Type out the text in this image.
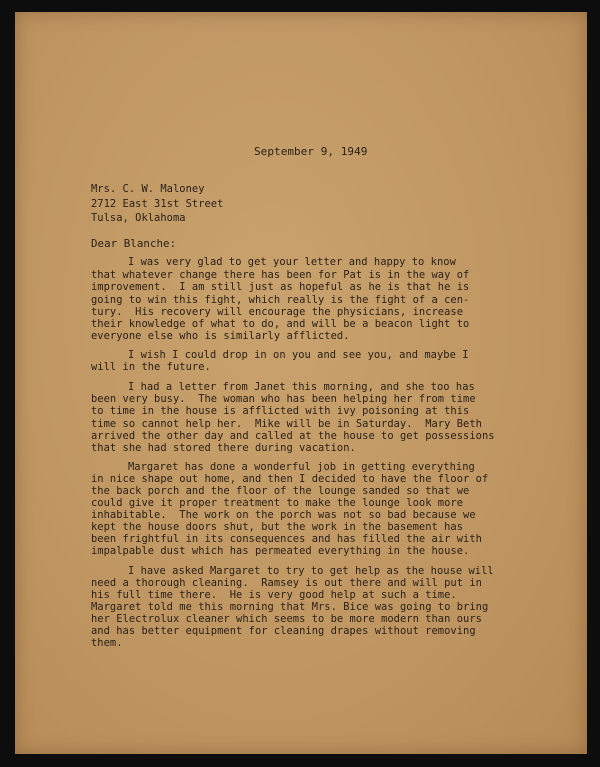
September 9, 1949
Mrs. C. W. Maloney
2712 East 31st Street
Tulsa, Oklahoma
Dear Blanche:
I was very glad to get your letter and happy to know
that whatever change there has been for Pat is in the way of
improvement.  I am still just as hopeful as he is that he is
going to win this fight, which really is the fight of a cen-
tury.  His recovery will encourage the physicians, increase
their knowledge of what to do, and will be a beacon light to
everyone else who is similarly afflicted.
I wish I could drop in on you and see you, and maybe I
will in the future.
I had a letter from Janet this morning, and she too has
been very busy.  The woman who has been helping her from time
to time in the house is afflicted with ivy poisoning at this
time so cannot help her.  Mike will be in Saturday.  Mary Beth
arrived the other day and called at the house to get possessions
that she had stored there during vacation.
Margaret has done a wonderful job in getting everything
in nice shape out home, and then I decided to have the floor of
the back porch and the floor of the lounge sanded so that we
could give it proper treatment to make the lounge look more
inhabitable.  The work on the porch was not so bad because we
kept the house doors shut, but the work in the basement has
been frightful in its consequences and has filled the air with
impalpable dust which has permeated everything in the house.
I have asked Margaret to try to get help as the house will
need a thorough cleaning.  Ramsey is out there and will put in
his full time there.  He is very good help at such a time.
Margaret told me this morning that Mrs. Bice was going to bring
her Electrolux cleaner which seems to be more modern than ours
and has better equipment for cleaning drapes without removing
them.
